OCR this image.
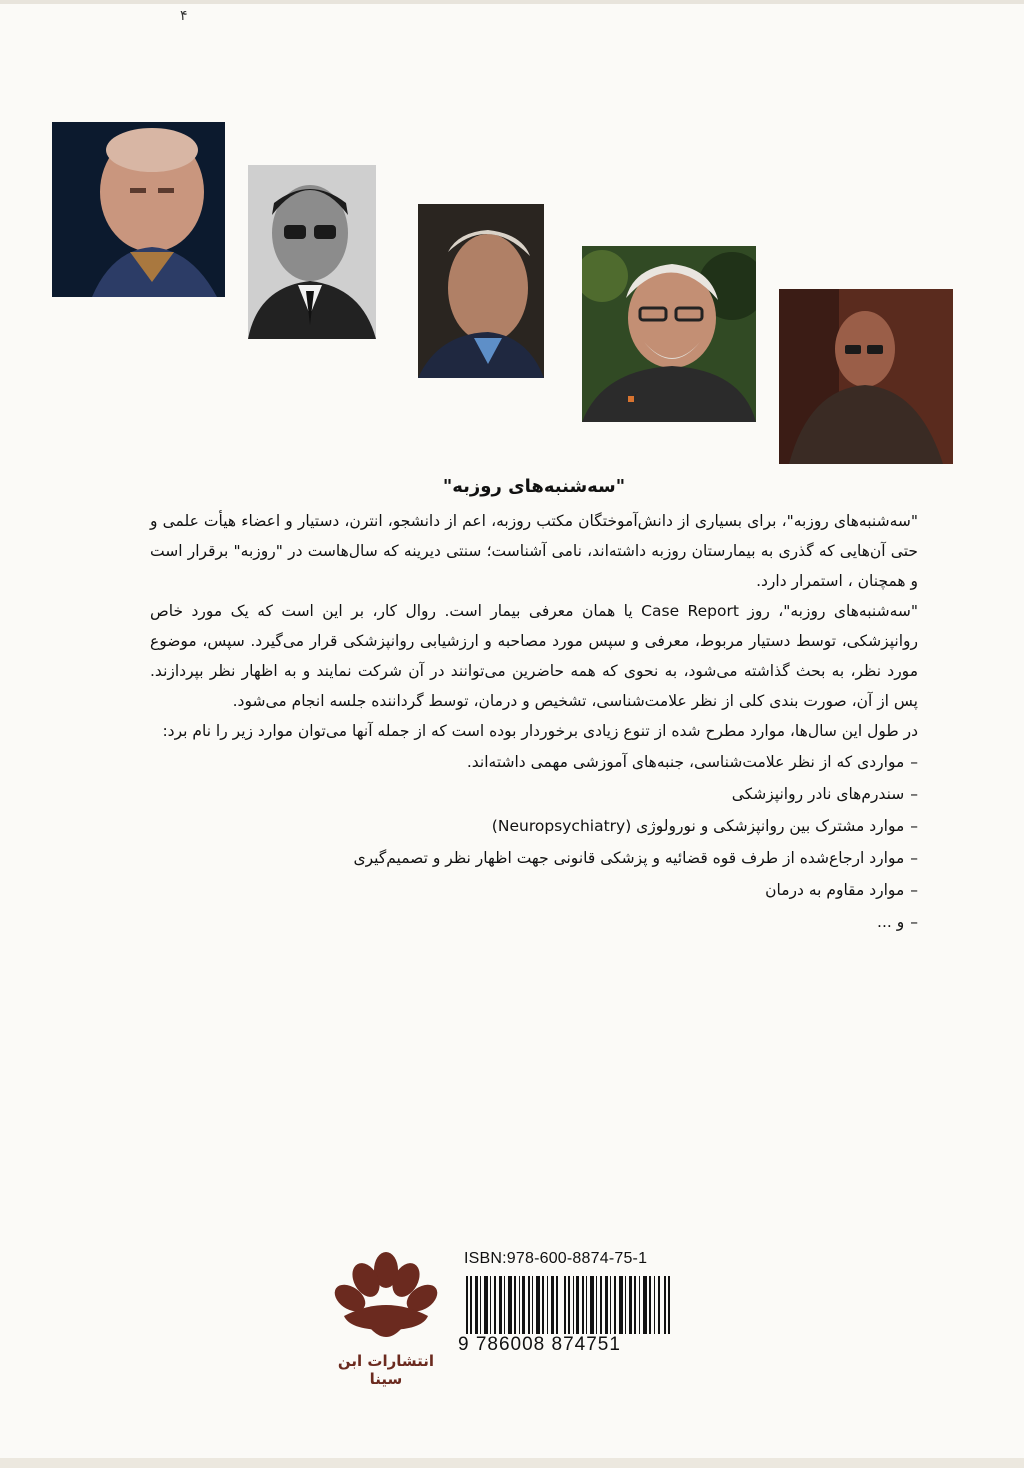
۴
"سه‌شنبه‌های روزبه"

"سه‌شنبه‌های روزبه"، برای بسیاری از دانش‌آموختگان مکتب روزبه، اعم از دانشجو، انترن، دستیار و اعضاء هیأت علمی و حتی آن‌هایی که گذری به بیمارستان روزبه داشته‌اند، نامی آشناست؛ سنتی دیرینه که سال‌هاست در "روزبه" برقرار است و همچنان ، استمرار دارد.

"سه‌شنبه‌های روزبه"، روز Case Report یا همان معرفی بیمار است. روال کار، بر این است که یک مورد خاص روانپزشکی، توسط دستیار مربوط، معرفی و سپس مورد مصاحبه و ارزشیابی روانپزشکی قرار می‌گیرد. سپس، موضوع مورد نظر، به بحث گذاشته می‌شود، به نحوی که همه حاضرین می‌توانند در آن شرکت نمایند و به اظهار نظر بپردازند. پس از آن، صورت بندی کلی از نظر علامت‌شناسی، تشخیص و درمان، توسط گرداننده جلسه انجام می‌شود.

در طول این سال‌ها، موارد مطرح شده از تنوع زیادی برخوردار بوده است که از جمله آنها می‌توان موارد زیر را نام برد:

–مواردی که از نظر علامت‌شناسی، جنبه‌های آموزشی مهمی داشته‌اند.
–سندرم‌های نادر روانپزشکی
–موارد مشترک بین روانپزشکی و نورولوژی (Neuropsychiatry)
–موارد ارجاع‌شده از طرف قوه قضائیه و پزشکی قانونی جهت اظهار نظر و تصمیم‌گیری
–موارد مقاوم به درمان
–و ...
انتشارات ابن سینا
ISBN:978-600-8874-75-1
9 786008 874751
